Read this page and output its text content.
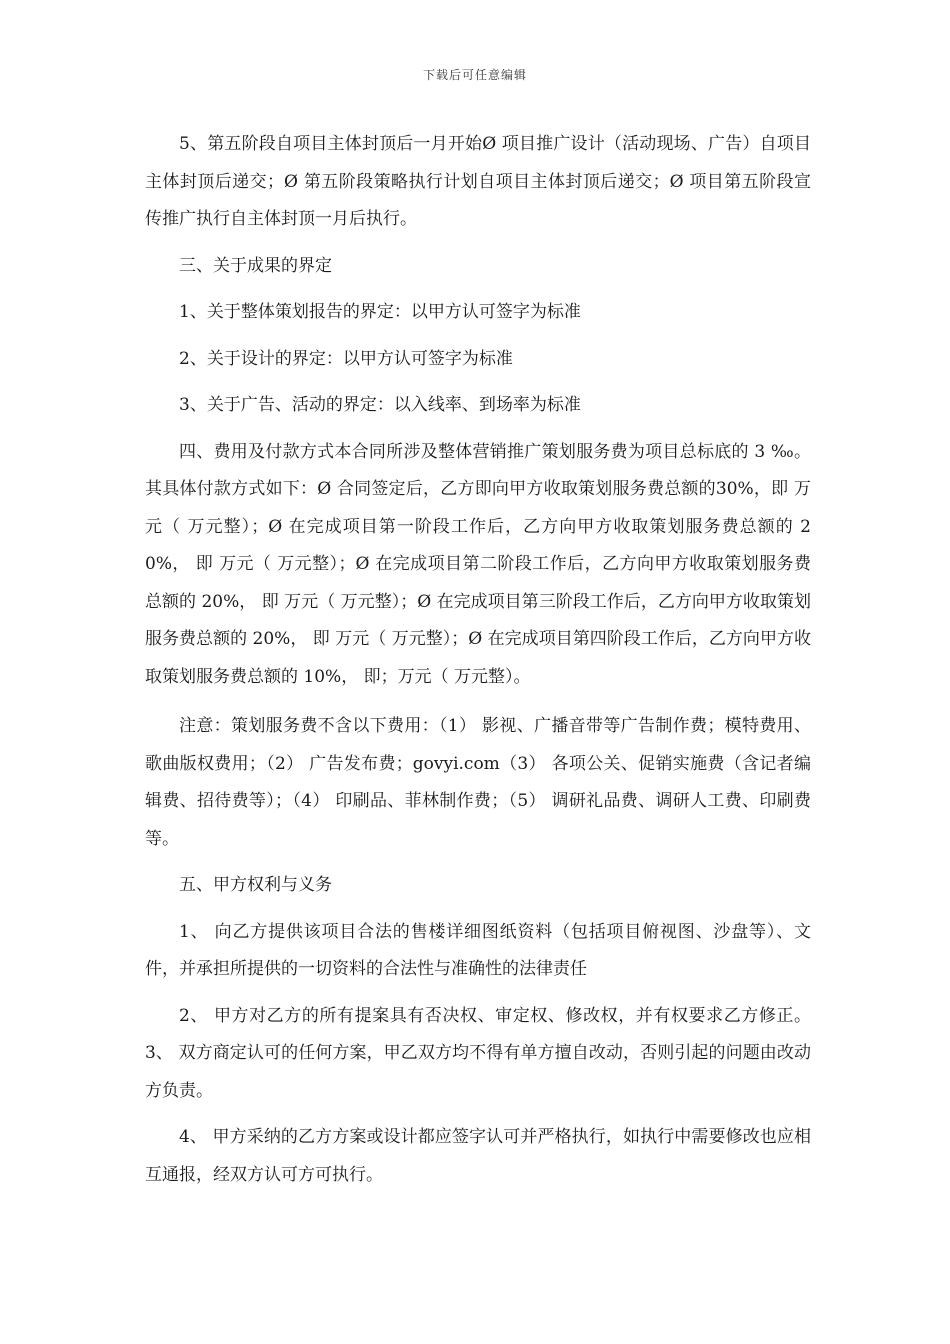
下载后可任意编辑

5、第五阶段自项目主体封顶后一月开始Ø 项目推广设计（活动现场、广告）自项目主体封顶后递交；Ø 第五阶段策略执行计划自项目主体封顶后递交；Ø 项目第五阶段宣传推广执行自主体封顶一月后执行。

三、关于成果的界定

1、关于整体策划报告的界定：以甲方认可签字为标准

2、关于设计的界定：以甲方认可签字为标准

3、关于广告、活动的界定：以入线率、到场率为标准

四、费用及付款方式本合同所涉及整体营销推广策划服务费为项目总标底的 3 ‰。其具体付款方式如下：Ø 合同签定后，乙方即向甲方收取策划服务费总额的30%，即 万元（ 万元整）；Ø 在完成项目第一阶段工作后，乙方向甲方收取策划服务费总额的 20%， 即 万元（ 万元整）；Ø 在完成项目第二阶段工作后，乙方向甲方收取策划服务费总额的 20%， 即 万元（ 万元整）；Ø 在完成项目第三阶段工作后，乙方向甲方收取策划服务费总额的 20%， 即 万元（ 万元整）；Ø 在完成项目第四阶段工作后，乙方向甲方收取策划服务费总额的 10%， 即；万元（ 万元整）。

注意：策划服务费不含以下费用：（1） 影视、广播音带等广告制作费；模特费用、歌曲版权费用；（2） 广告发布费；govyi.com（3） 各项公关、促销实施费（含记者编辑费、招待费等）；（4） 印刷品、菲林制作费；（5） 调研礼品费、调研人工费、印刷费等。

五、甲方权利与义务

1、 向乙方提供该项目合法的售楼详细图纸资料（包括项目俯视图、沙盘等）、文件，并承担所提供的一切资料的合法性与准确性的法律责任

2、 甲方对乙方的所有提案具有否决权、审定权、修改权，并有权要求乙方修正。3、 双方商定认可的任何方案，甲乙双方均不得有单方擅自改动，否则引起的问题由改动方负责。

4、 甲方采纳的乙方方案或设计都应签字认可并严格执行，如执行中需要修改也应相互通报，经双方认可方可执行。
